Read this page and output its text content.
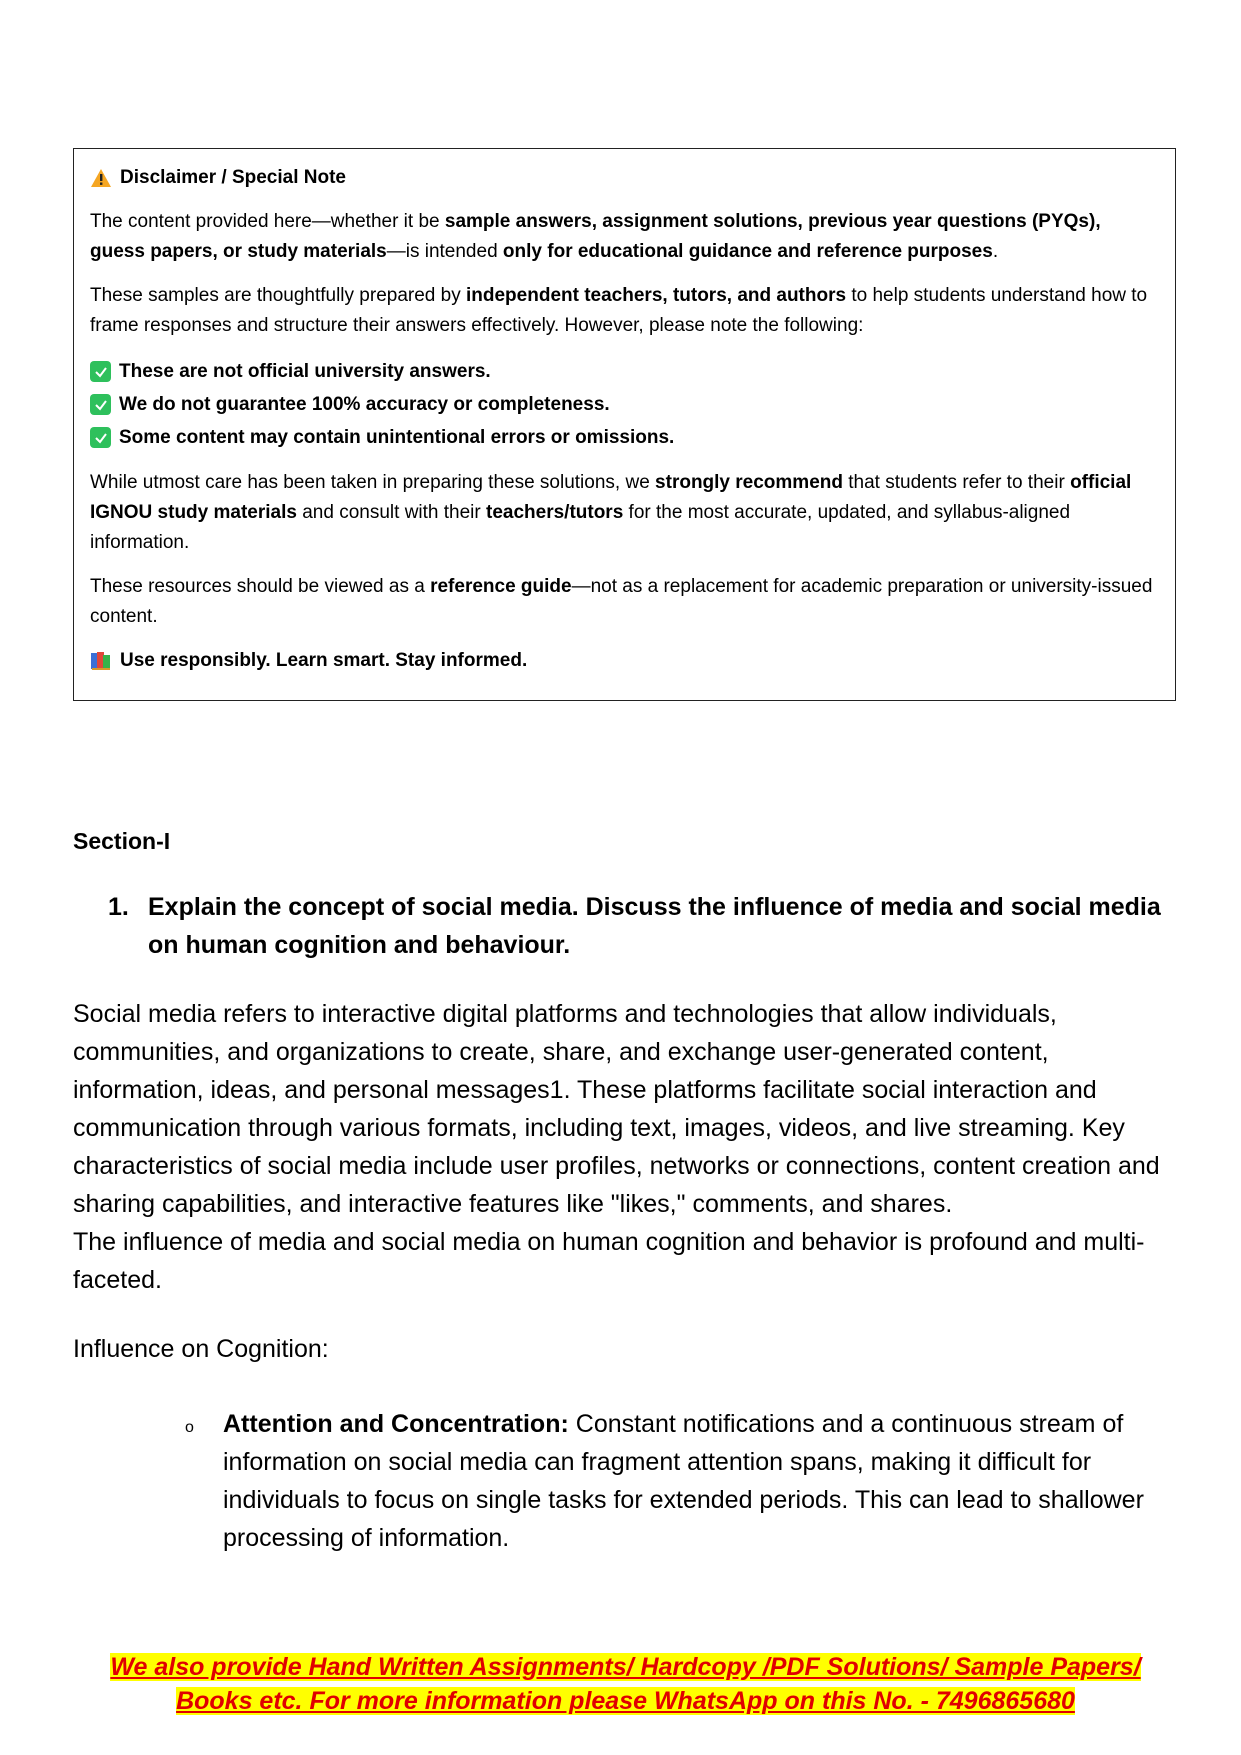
Disclaimer / Special Note

The content provided here—whether it be sample answers, assignment solutions, previous year questions (PYQs), guess papers, or study materials—is intended only for educational guidance and reference purposes.

These samples are thoughtfully prepared by independent teachers, tutors, and authors to help students understand how to frame responses and structure their answers effectively. However, please note the following:

These are not official university answers.
We do not guarantee 100% accuracy or completeness.
Some content may contain unintentional errors or omissions.

While utmost care has been taken in preparing these solutions, we strongly recommend that students refer to their official IGNOU study materials and consult with their teachers/tutors for the most accurate, updated, and syllabus-aligned information.

These resources should be viewed as a reference guide—not as a replacement for academic preparation or university-issued content.

Use responsibly. Learn smart. Stay informed.
Section-I
1. Explain the concept of social media. Discuss the influence of media and social media on human cognition and behaviour.
Social media refers to interactive digital platforms and technologies that allow individuals, communities, and organizations to create, share, and exchange user-generated content, information, ideas, and personal messages1. These platforms facilitate social interaction and communication through various formats, including text, images, videos, and live streaming. Key characteristics of social media include user profiles, networks or connections, content creation and sharing capabilities, and interactive features like "likes," comments, and shares.
The influence of media and social media on human cognition and behavior is profound and multi-faceted.
Influence on Cognition:
o	Attention and Concentration: Constant notifications and a continuous stream of information on social media can fragment attention spans, making it difficult for individuals to focus on single tasks for extended periods. This can lead to shallower processing of information.
We also provide Hand Written Assignments/ Hardcopy /PDF Solutions/ Sample Papers/
Books etc. For more information please WhatsApp on this No. - 7496865680
